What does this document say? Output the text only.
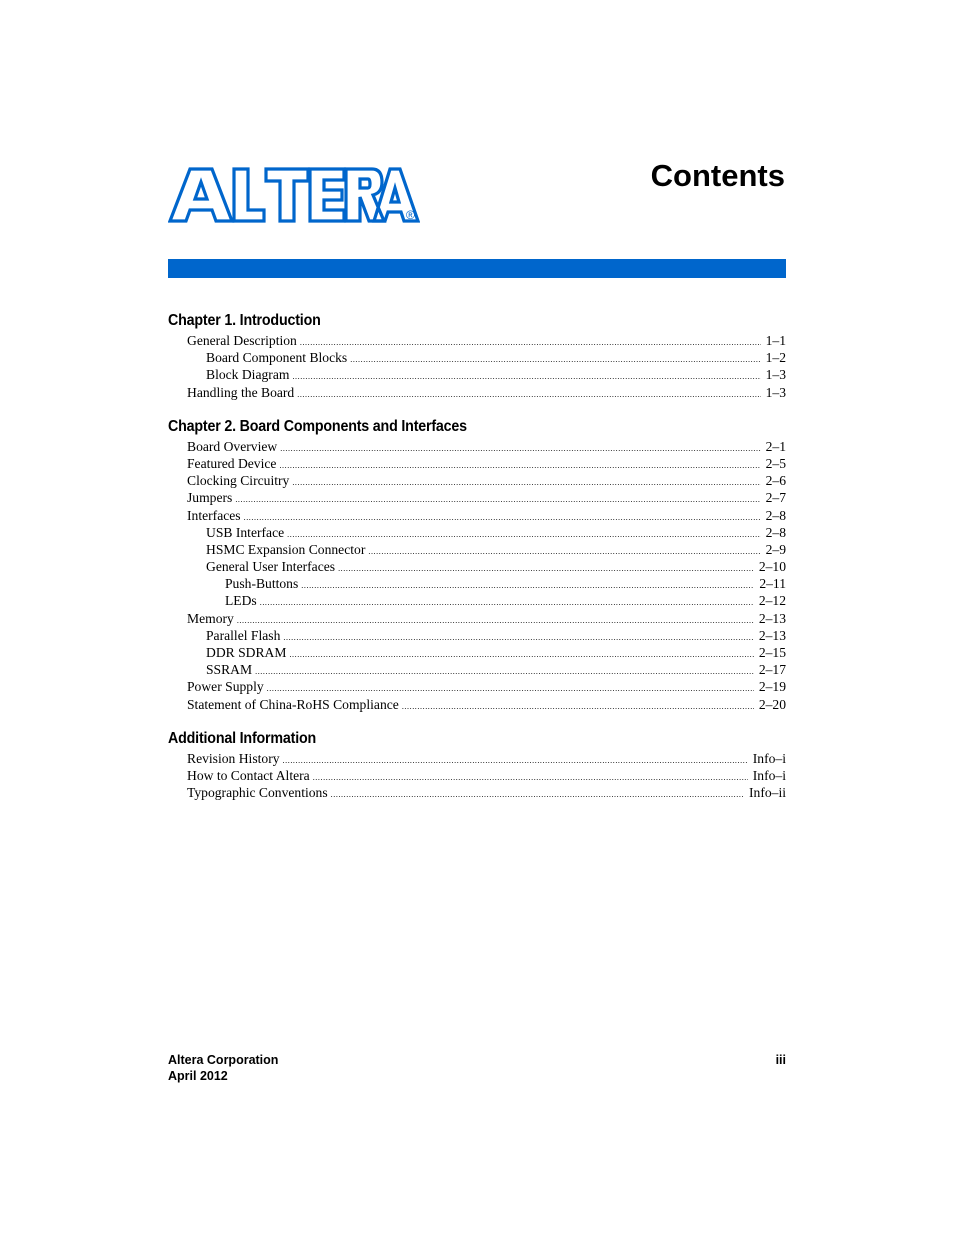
®
Contents
Chapter 1. Introduction
General Description .....	1–1
Board Component Blocks .....	1–2
Block Diagram .....	1–3
Handling the Board .....	1–3
Chapter 2. Board Components and Interfaces
Board Overview .....	2–1
Featured Device .....	2–5
Clocking Circuitry .....	2–6
Jumpers .....	2–7
Interfaces .....	2–8
USB Interface .....	2–8
HSMC Expansion Connector .....	2–9
General User Interfaces .....	2–10
Push-Buttons .....	2–11
LEDs .....	2–12
Memory .....	2–13
Parallel Flash .....	2–13
DDR SDRAM .....	2–15
SSRAM .....	2–17
Power Supply .....	2–19
Statement of China-RoHS Compliance .....	2–20
Additional Information
Revision History .....	Info–i
How to Contact Altera .....	Info–i
Typographic Conventions .....	Info–ii
Altera Corporation	iii
April 2012
